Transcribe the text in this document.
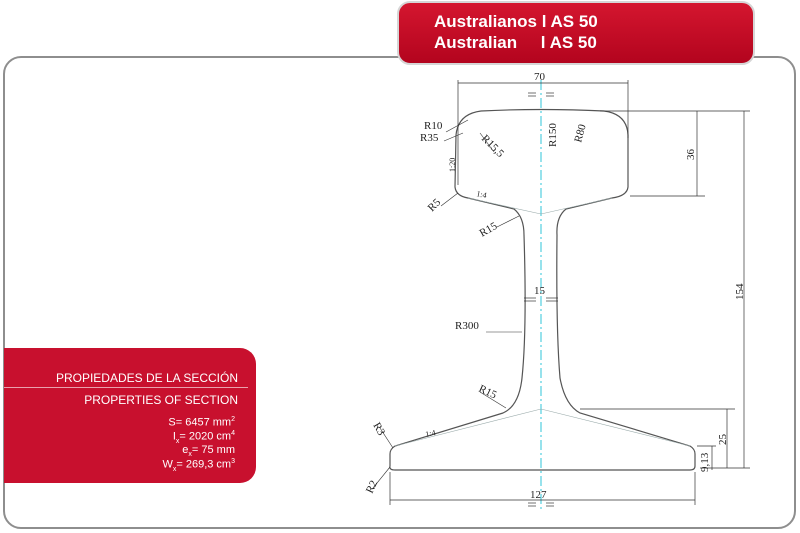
Australianos l AS 50
Australian     l AS 50
70
36
154
25
9,13
15
127
R10
R35	R15,5	R150 R80
R5
R15
R300
R15
R3
R2
1:20
1:4
1:4
PROPIEDADES DE LA SECCIÓN
PROPERTIES OF SECTION
S= 6457 $mm^2$
$I_x= 2020$ $cm^4$
$e_x= 75$ mm
$W_x= 269,3$ $cm^3$
